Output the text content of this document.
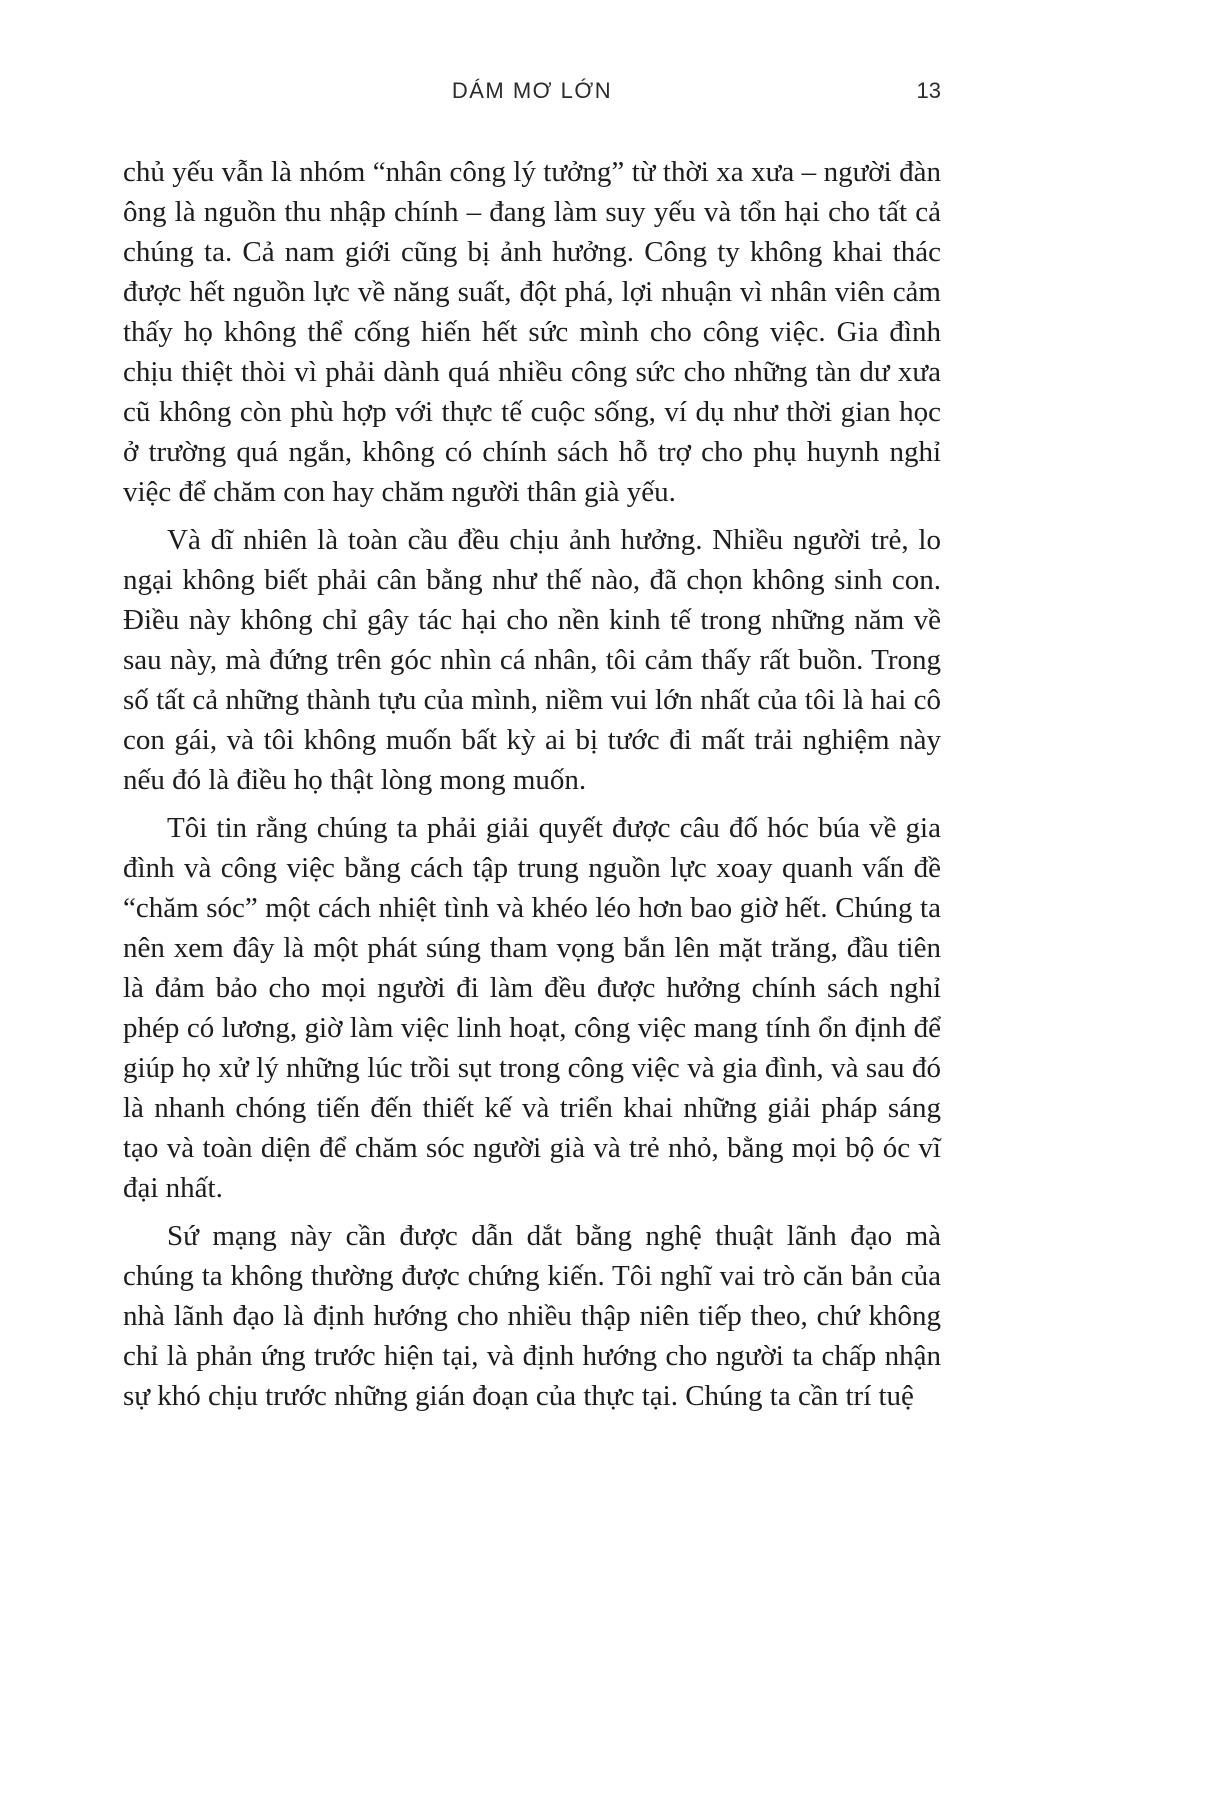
DÁM MƠ LỚN	13

chủ yếu vẫn là nhóm “nhân công lý tưởng” từ thời xa xưa – người đàn ông là nguồn thu nhập chính – đang làm suy yếu và tổn hại cho tất cả chúng ta. Cả nam giới cũng bị ảnh hưởng. Công ty không khai thác được hết nguồn lực về năng suất, đột phá, lợi nhuận vì nhân viên cảm thấy họ không thể cống hiến hết sức mình cho công việc. Gia đình chịu thiệt thòi vì phải dành quá nhiều công sức cho những tàn dư xưa cũ không còn phù hợp với thực tế cuộc sống, ví dụ như thời gian học ở trường quá ngắn, không có chính sách hỗ trợ cho phụ huynh nghỉ việc để chăm con hay chăm người thân già yếu.

Và dĩ nhiên là toàn cầu đều chịu ảnh hưởng. Nhiều người trẻ, lo ngại không biết phải cân bằng như thế nào, đã chọn không sinh con. Điều này không chỉ gây tác hại cho nền kinh tế trong những năm về sau này, mà đứng trên góc nhìn cá nhân, tôi cảm thấy rất buồn. Trong số tất cả những thành tựu của mình, niềm vui lớn nhất của tôi là hai cô con gái, và tôi không muốn bất kỳ ai bị tước đi mất trải nghiệm này nếu đó là điều họ thật lòng mong muốn.

Tôi tin rằng chúng ta phải giải quyết được câu đố hóc búa về gia đình và công việc bằng cách tập trung nguồn lực xoay quanh vấn đề “chăm sóc” một cách nhiệt tình và khéo léo hơn bao giờ hết. Chúng ta nên xem đây là một phát súng tham vọng bắn lên mặt trăng, đầu tiên là đảm bảo cho mọi người đi làm đều được hưởng chính sách nghỉ phép có lương, giờ làm việc linh hoạt, công việc mang tính ổn định để giúp họ xử lý những lúc trồi sụt trong công việc và gia đình, và sau đó là nhanh chóng tiến đến thiết kế và triển khai những giải pháp sáng tạo và toàn diện để chăm sóc người già và trẻ nhỏ, bằng mọi bộ óc vĩ đại nhất.

Sứ mạng này cần được dẫn dắt bằng nghệ thuật lãnh đạo mà chúng ta không thường được chứng kiến. Tôi nghĩ vai trò căn bản của nhà lãnh đạo là định hướng cho nhiều thập niên tiếp theo, chứ không chỉ là phản ứng trước hiện tại, và định hướng cho người ta chấp nhận sự khó chịu trước những gián đoạn của thực tại. Chúng ta cần trí tuệ
